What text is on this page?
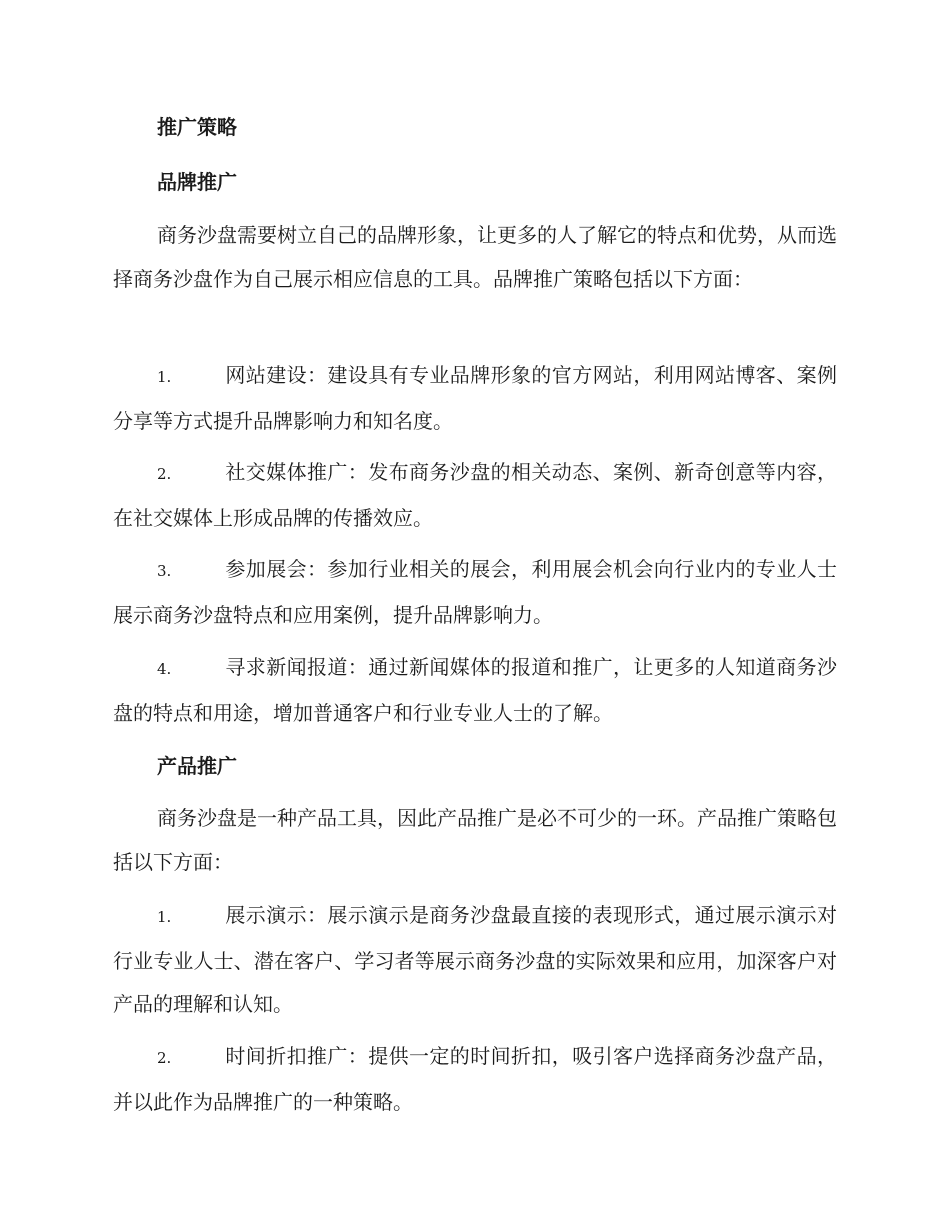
推广策略
品牌推广

商务沙盘需要树立自己的品牌形象，让更多的人了解它的特点和优势，从而选择商务沙盘作为自己展示相应信息的工具。品牌推广策略包括以下方面：

1.	网站建设：建设具有专业品牌形象的官方网站，利用网站博客、案例分享等方式提升品牌影响力和知名度。

2.	社交媒体推广：发布商务沙盘的相关动态、案例、新奇创意等内容，在社交媒体上形成品牌的传播效应。

3.	参加展会：参加行业相关的展会，利用展会机会向行业内的专业人士展示商务沙盘特点和应用案例，提升品牌影响力。

4.	寻求新闻报道：通过新闻媒体的报道和推广，让更多的人知道商务沙盘的特点和用途，增加普通客户和行业专业人士的了解。

产品推广

商务沙盘是一种产品工具，因此产品推广是必不可少的一环。产品推广策略包括以下方面：

1.	展示演示：展示演示是商务沙盘最直接的表现形式，通过展示演示对行业专业人士、潜在客户、学习者等展示商务沙盘的实际效果和应用，加深客户对产品的理解和认知。

2.	时间折扣推广：提供一定的时间折扣，吸引客户选择商务沙盘产品，并以此作为品牌推广的一种策略。
